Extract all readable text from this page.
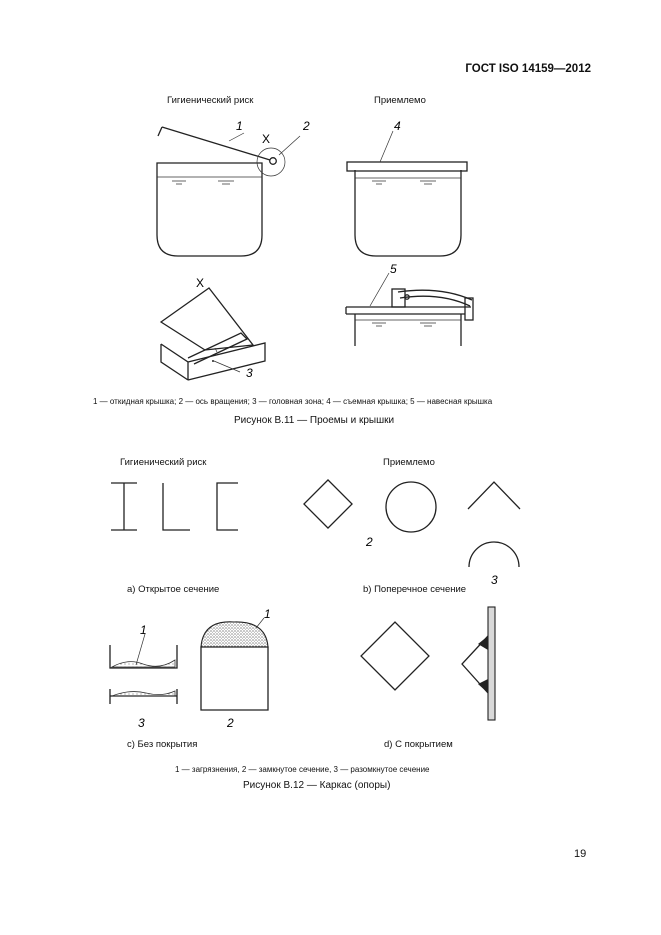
ГОСТ ISO 14159—2012
Гигиенический риск	Приемлемо
1	2
X
4
X
3
5
1 — откидная крышка; 2 — ось вращения; 3 — головная зона; 4 — съемная крышка; 5 — навесная крышка
Рисунок В.11 — Проемы и крышки
Гигиенический риск	Приемлемо
2
3
1
1
3	2
а) Открытое сечение	b) Поперечное сечение
с) Без покрытия	d) С покрытием
1 — загрязнения, 2 — замкнутое сечение, 3 — разомкнутое сечение
Рисунок В.12 — Каркас (опоры)
19
